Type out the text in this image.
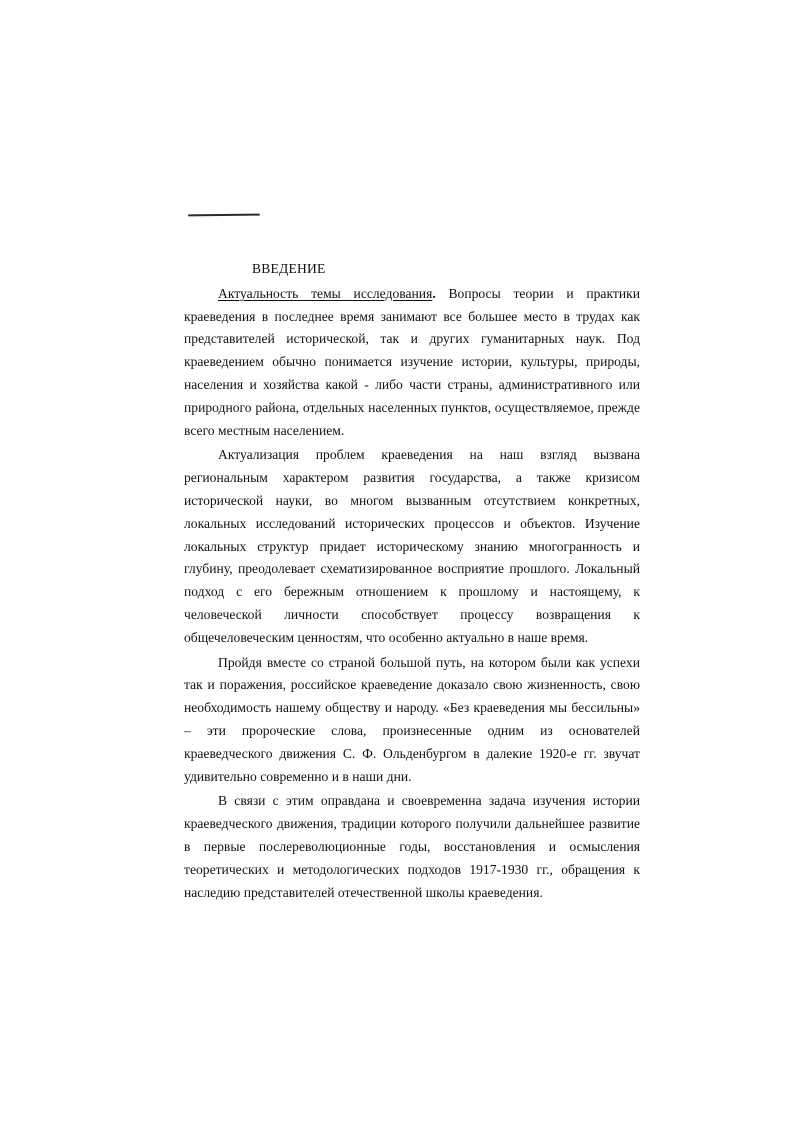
ВВЕДЕНИЕ

Актуальность темы исследования. Вопросы теории и практики краеведения в последнее время занимают все большее место в трудах как представителей исторической, так и других гуманитарных наук. Под краеведением обычно понимается изучение истории, культуры, природы, населения и хозяйства какой - либо части страны, административного или природного района, отдельных населенных пунктов, осуществляемое, прежде всего местным населением.

Актуализация проблем краеведения на наш взгляд вызвана региональным характером развития государства, а также кризисом исторической науки, во многом вызванным отсутствием конкретных, локальных исследований исторических процессов и объектов. Изучение локальных структур придает историческому знанию многогранность и глубину, преодолевает схематизированное восприятие прошлого. Локальный подход с его бережным отношением к прошлому и настоящему, к человеческой личности способствует процессу возвращения к общечеловеческим ценностям, что особенно актуально в наше время.

Пройдя вместе со страной большой путь, на котором были как успехи так и поражения, российское краеведение доказало свою жизненность, свою необходимость нашему обществу и народу. «Без краеведения мы бессильны» – эти пророческие слова, произнесенные одним из основателей краеведческого движения С. Ф. Ольденбургом в далекие 1920-е гг. звучат удивительно современно и в наши дни.

В связи с этим оправдана и своевременна задача изучения истории краеведческого движения, традиции которого получили дальнейшее развитие в первые послереволюционные годы, восстановления и осмысления теоретических и методологических подходов 1917-1930 гг., обращения к наследию представителей отечественной школы краеведения.
